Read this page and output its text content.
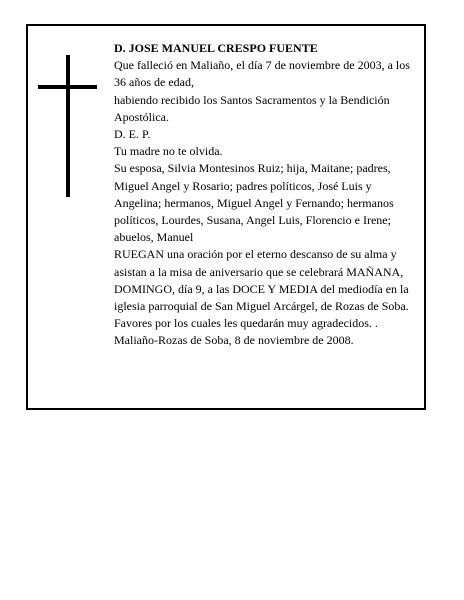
D. JOSE MANUEL CRESPO FUENTE

Que falleció en Maliaño, el día 7 de noviembre de 2003, a los 36 años de edad,

habiendo recibido los Santos Sacramentos y la Bendición Apostólica.

D. E. P.

Tu madre no te olvida.

Su esposa, Silvia Montesinos Ruiz; hija, Maitane; padres, Miguel Angel y Rosario; padres políticos, José Luis y Angelina; hermanos, Miguel Angel y Fernando; hermanos políticos, Lourdes, Susana, Angel Luis, Florencio e Irene; abuelos, Manuel

RUEGAN una oración por el eterno descanso de su alma y asistan a la misa de aniversario que se celebrará MAÑANA, DOMINGO, día 9, a las DOCE Y MEDIA del mediodía en la iglesia parroquial de San Miguel Arcárgel, de Rozas de Soba. Favores por los cuales les quedarán muy agradecidos. .

Maliaño-Rozas de Soba, 8 de noviembre de 2008.
